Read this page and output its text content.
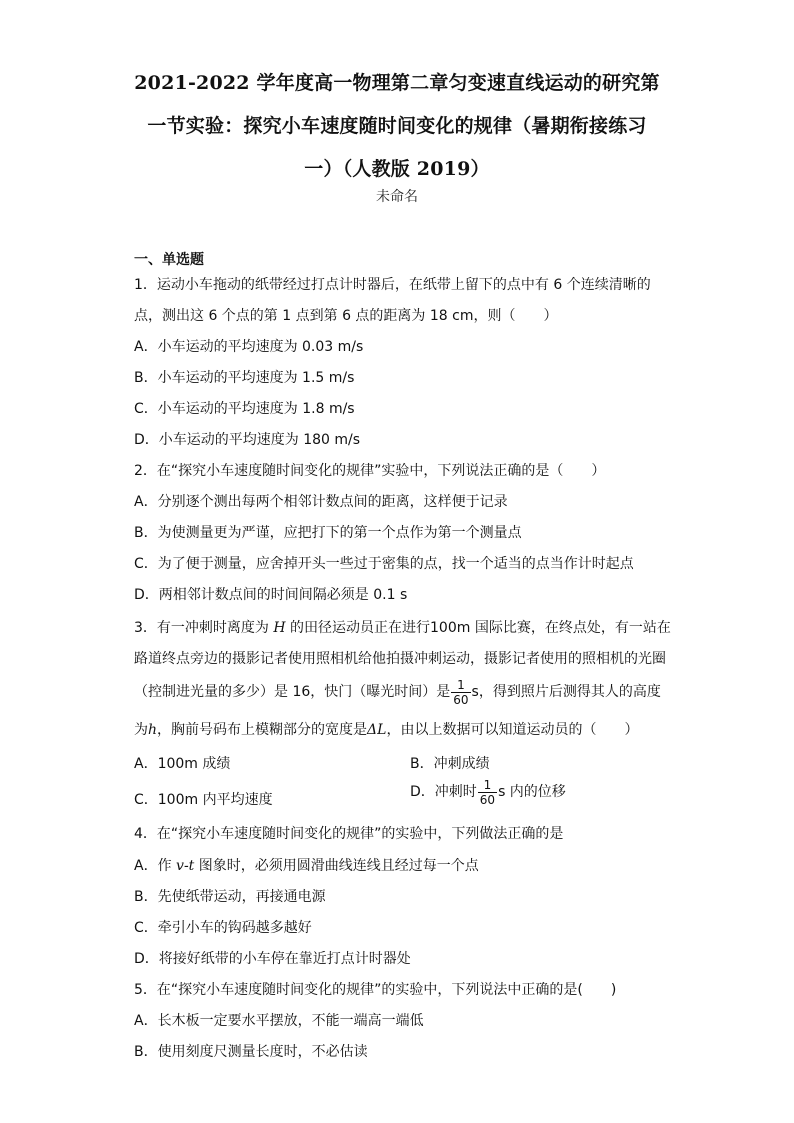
2021-2022 学年度高一物理第二章匀变速直线运动的研究第
一节实验：探究小车速度随时间变化的规律（暑期衔接练习
一）（人教版 2019）
未命名
一、单选题
1．运动小车拖动的纸带经过打点计时器后，在纸带上留下的点中有 6 个连续清晰的
点，测出这 6 个点的第 1 点到第 6 点的距离为 18 cm，则（　　）
A．小车运动的平均速度为 0.03 m/s
B．小车运动的平均速度为 1.5 m/s
C．小车运动的平均速度为 1.8 m/s
D．小车运动的平均速度为 180 m/s
2．在“探究小车速度随时间变化的规律”实验中，下列说法正确的是（　　）
A．分别逐个测出每两个相邻计数点间的距离，这样便于记录
B．为使测量更为严谨，应把打下的第一个点作为第一个测量点
C．为了便于测量，应舍掉开头一些过于密集的点，找一个适当的点当作计时起点
D．两相邻计数点间的时间间隔必须是 0.1 s
3．有一冲刺时离度为 H 的田径运动员正在进行100m 国际比赛，在终点处，有一站在
路道终点旁边的摄影记者使用照相机给他拍摄冲刺运动，摄影记者使用的照相机的光圈
（控制进光量的多少）是 16，快门（曝光时间）是 $\frac{1}{60}$ s，得到照片后测得其人的高度
为h，胸前号码布上模糊部分的宽度是ΔL，由以上数据可以知道运动员的（　　）
A．100m 成绩	B．冲刺成绩
C．100m 内平均速度	D．冲刺时 $\frac{1}{60}$ s 内的位移
4．在“探究小车速度随时间变化的规律”的实验中，下列做法正确的是
A．作 v-t 图象时，必须用圆滑曲线连线且经过每一个点
B．先使纸带运动，再接通电源
C．牵引小车的钩码越多越好
D．将接好纸带的小车停在靠近打点计时器处
5．在“探究小车速度随时间变化的规律”的实验中，下列说法中正确的是(　　)
A．长木板一定要水平摆放，不能一端高一端低
B．使用刻度尺测量长度时，不必估读
